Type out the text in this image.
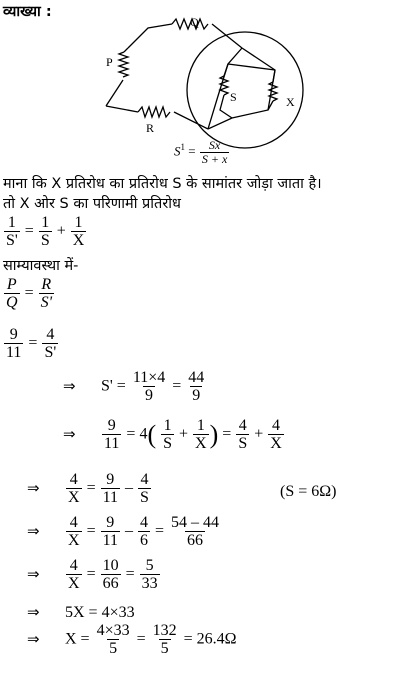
व्याख्या :
Q
P
R
S	X
$S^1 = \frac{Sx}{S + x}$
माना कि X प्रतिरोध का प्रतिरोध S के सामांतर जोड़ा जाता है।
तो X ओर S का परिणामी प्रतिरोध
$\frac{1}{S'} = \frac{1}{S} + \frac{1}{X}$
साम्यावस्था में-
$\frac{P}{Q} = \frac{R}{S'}$
$\frac{9}{11} = \frac{4}{S'}$
⇒ $S' = \frac{11\times 4}{9} = \frac{44}{9}$
⇒ $\frac{9}{11} = 4( \frac{1}{S} + \frac{1}{X}$ ) = $\frac{4}{S} + \frac{4}{X}$
⇒ $\frac{4}{X} = \frac{9}{11} - \frac{4}{S}$	(S = 6Ω)
⇒ $\frac{4}{X} = \frac{9}{11} - \frac{4}{6} = \frac{54 - 44}{66}$
⇒ $\frac{4}{X} = \frac{10}{66} = \frac{5}{33}$
⇒ 5X = 4×33
⇒ $X = \frac{4\times 33}{5} = \frac{132}{5} = 26.4\Omega$
